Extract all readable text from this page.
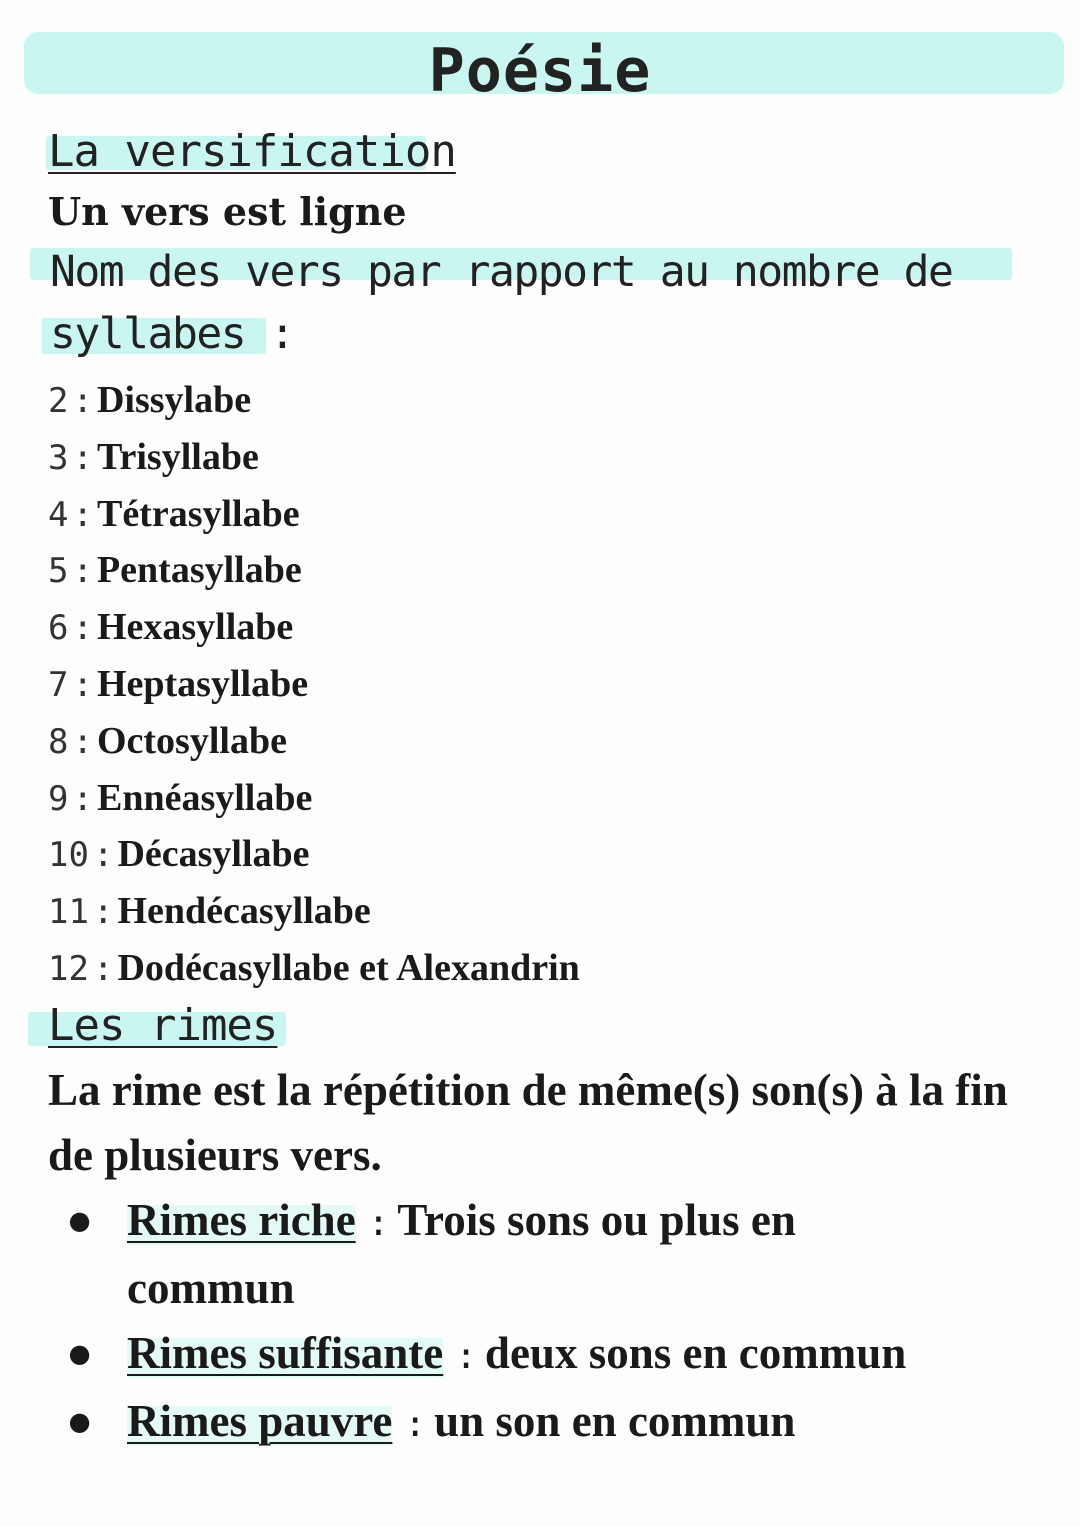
Poésie
La versification
Un vers est ligne
Nom des vers par rapport au nombre de syllabes :
2 : Dissylabe
3 : Trisyllabe
4 : Tétrasyllabe
5 : Pentasyllabe
6 : Hexasyllabe
7 : Heptasyllabe
8 : Octosyllabe
9 : Ennéasyllabe
10 : Décasyllabe
11 : Hendécasyllabe
12 : Dodécasyllabe et Alexandrin
Les rimes
La rime est la répétition de même(s) son(s) à la fin de plusieurs vers.
● Rimes riche : Trois sons ou plus en commun
● Rimes suffisante : deux sons en commun
● Rimes pauvre : un son en commun
